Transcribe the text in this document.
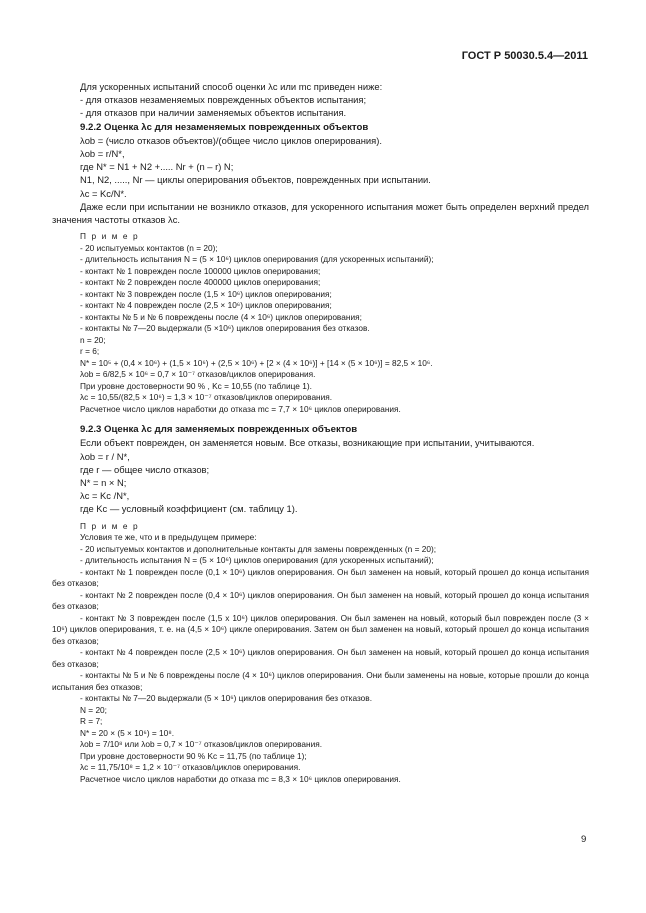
ГОСТ Р 50030.5.4—2011

Для ускоренных испытаний способ оценки λc или mc приведен ниже:

- для отказов незаменяемых поврежденных объектов испытания;

- для отказов при наличии заменяемых объектов испытания.

9.2.2 Оценка λc для незаменяемых поврежденных объектов

λob = (число отказов объектов)/(общее число циклов оперирования).

λob = r/N*,

где N* = N1 + N2 +..... Nr + (n – r) N;

N1, N2, ....., Nr — циклы оперирования объектов, поврежденных при испытании.

λc = Kc/N*.

Даже если при испытании не возникло отказов, для ускоренного испытания может быть определен верхний предел значения частоты отказов λc.

П р и м е р

- 20 испытуемых контактов (n = 20);

- длительность испытания N = (5 × 10⁶) циклов оперирования (для ускоренных испытаний);

- контакт № 1 поврежден после 100000 циклов оперирования;

- контакт № 2 поврежден после 400000 циклов оперирования;

- контакт № 3 поврежден после (1,5 × 10⁶) циклов оперирования;

- контакт № 4 поврежден после (2,5 × 10⁶) циклов оперирования;

- контакты № 5 и № 6 повреждены после (4 × 10⁶) циклов оперирования;

- контакты № 7—20 выдержали (5 ×10⁶) циклов оперирования без отказов.

n = 20;

r = 6;

N* = 10⁵ + (0,4 × 10⁶) + (1,5 × 10⁶) + (2,5 × 10⁶) + [2 × (4 × 10⁶)] + [14 × (5 × 10⁶)] = 82,5 × 10⁶.

λob = 6/82,5 × 10⁶ = 0,7 × 10⁻⁷ отказов/циклов оперирования.

При уровне достоверности 90 % , Kc = 10,55 (по таблице 1).

λc = 10,55/(82,5 × 10⁶) = 1,3 × 10⁻⁷ отказов/циклов оперирования.

Расчетное число циклов наработки до отказа mc = 7,7 × 10⁶ циклов оперирования.

9.2.3 Оценка λc для заменяемых поврежденных объектов

Если объект поврежден, он заменяется новым. Все отказы, возникающие при испытании, учитываются.

λob = r / N*,

где r — общее число отказов;

N* = n × N;

λc = Kc /N*,

где Kc — условный коэффициент (см. таблицу 1).

П р и м е р

Условия те же, что и в предыдущем примере:

- 20 испытуемых контактов и дополнительные контакты для замены поврежденных (n = 20);

- длительность испытания N = (5 × 10⁶) циклов оперирования (для ускоренных испытаний);

- контакт № 1 поврежден после (0,1 × 10⁶) циклов оперирования. Он был заменен на новый, который прошел до конца испытания без отказов;

- контакт № 2 поврежден после (0,4 × 10⁶) циклов оперирования. Он был заменен на новый, который прошел до конца испытания без отказов;

- контакт № 3 поврежден после (1,5 х 10⁶) циклов оперирования. Он был заменен на новый, который был поврежден после (3 × 10⁶) циклов оперирования, т. е. на (4,5 × 10⁶) цикле оперирования. Затем он был заменен на новый, который прошел до конца испытания без отказов;

- контакт № 4 поврежден после (2,5 × 10⁶) циклов оперирования. Он был заменен на новый, который прошел до конца испытания без отказов;

- контакты № 5 и № 6 повреждены после (4 × 10⁶) циклов оперирования. Они были заменены на новые, которые прошли до конца испытания без отказов;

- контакты № 7—20 выдержали (5 × 10⁶) циклов оперирования без отказов.

N = 20;

R = 7;

N* = 20 × (5 × 10⁶) = 10⁸.

λob = 7/10⁸ или λob = 0,7 × 10⁻⁷ отказов/циклов оперирования.

При уровне достоверности 90 % Kc = 11,75 (по таблице 1);

λc = 11,75/10⁸ = 1,2 × 10⁻⁷ отказов/циклов оперирования.

Расчетное число циклов наработки до отказа mc = 8,3 × 10⁶ циклов оперирования.

9
